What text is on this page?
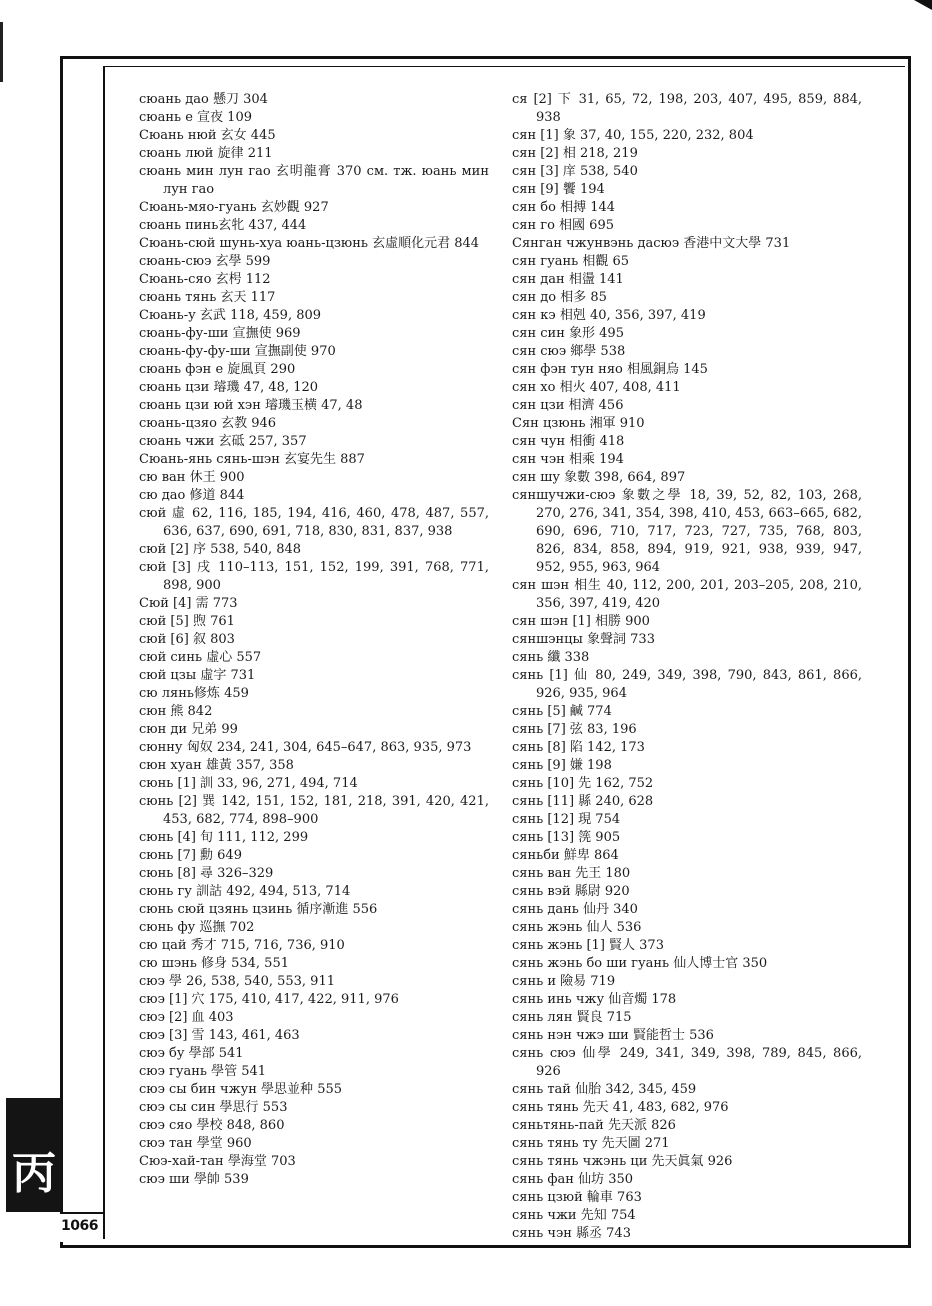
丙
1066
сюань дао 懸刀 304
сюань е 宣夜 109
Сюань нюй 玄女 445
сюань люй 旋律 211
сюань мин лун гао 玄明龍膏 370 см. тж. юань мин лун гао
Сюань-мяо-гуань 玄妙觀 927
сюань пинь玄牝 437, 444
Сюань-сюй шунь-хуа юань-цзюнь 玄虛順化元君 844
сюань-сюэ 玄學 599
Сюань-сяо 玄枵 112
сюань тянь 玄天 117
Сюань-у 玄武 118, 459, 809
сюань-фу-ши 宣撫使 969
сюань-фу-фу-ши 宣撫副使 970
сюань фэн е 旋風頁 290
сюань цзи 璿璣 47, 48, 120
сюань цзи юй хэн 璿璣玉横 47, 48
сюань-цзяо 玄教 946
сюань чжи 玄砥 257, 357
Сюань-янь сянь-шэн 玄宴先生 887
сю ван 休王 900
сю дао 修道 844
сюй 虛 62, 116, 185, 194, 416, 460, 478, 487, 557, 636, 637, 690, 691, 718, 830, 831, 837, 938
сюй [2] 序 538, 540, 848
сюй [3] 戌 110–113, 151, 152, 199, 391, 768, 771, 898, 900
Сюй [4] 需 773
сюй [5] 煦 761
сюй [6] 叙 803
сюй синь 虛心 557
сюй цзы 虛字 731
сю лянь修炼 459
сюн 熊 842
сюн ди 兄弟 99
сюнну 匈奴 234, 241, 304, 645–647, 863, 935, 973
сюн хуан 雄黃 357, 358
сюнь [1] 訓 33, 96, 271, 494, 714
сюнь [2] 巽 142, 151, 152, 181, 218, 391, 420, 421, 453, 682, 774, 898–900
сюнь [4] 旬 111, 112, 299
сюнь [7] 勳 649
сюнь [8] 尋 326–329
сюнь гу 訓詁 492, 494, 513, 714
сюнь сюй цзянь цзинь 循序漸進 556
сюнь фу 巡撫 702
сю цай 秀才 715, 716, 736, 910
сю шэнь 修身 534, 551
сюэ 學 26, 538, 540, 553, 911
сюэ [1] 穴 175, 410, 417, 422, 911, 976
сюэ [2] 血 403
сюэ [3] 雪 143, 461, 463
сюэ бу 學部 541
сюэ гуань 學管 541
сюэ сы бин чжун 學思並种 555
сюэ сы син 學思行 553
сюэ сяо 學校 848, 860
сюэ тан 學堂 960
Сюэ-хай-тан 學海堂 703
сюэ ши 學帥 539
ся [2] 下 31, 65, 72, 198, 203, 407, 495, 859, 884, 938
сян [1] 象 37, 40, 155, 220, 232, 804
сян [2] 相 218, 219
сян [3] 庠 538, 540
сян [9] 饗 194
сян бо 相搏 144
сян го 相國 695
Сянган чжунвэнь дасюэ 香港中文大學 731
сян гуань 相觀 65
сян дан 相盪 141
сян до 相多 85
сян кэ 相剋 40, 356, 397, 419
сян син 象形 495
сян сюэ 鄉學 538
сян фэн тун няо 相風銅烏 145
сян хо 相火 407, 408, 411
сян цзи 相濟 456
Сян цзюнь 湘軍 910
сян чун 相衝 418
сян чэн 相乘 194
сян шу 象數 398, 664, 897
сяншучжи-сюэ 象數之學 18, 39, 52, 82, 103, 268, 270, 276, 341, 354, 398, 410, 453, 663–665, 682, 690, 696, 710, 717, 723, 727, 735, 768, 803, 826, 834, 858, 894, 919, 921, 938, 939, 947, 952, 955, 963, 964
сян шэн 相生 40, 112, 200, 201, 203–205, 208, 210, 356, 397, 419, 420
сян шэн [1] 相勝 900
сяншэнцы 象聲詞 733
сянь 纖 338
сянь [1] 仙 80, 249, 349, 398, 790, 843, 861, 866, 926, 935, 964
сянь [5] 鹹 774
сянь [7] 弦 83, 196
сянь [8] 陷 142, 173
сянь [9] 嫌 198
сянь [10] 先 162, 752
сянь [11] 縣 240, 628
сянь [12] 現 754
сянь [13] 箲 905
сяньби 鮮卑 864
сянь ван 先王 180
сянь вэй 縣尉 920
сянь дань 仙丹 340
сянь жэнь 仙人 536
сянь жэнь [1] 賢人 373
сянь жэнь бо ши гуань 仙人博士官 350
сянь и 險易 719
сянь инь чжу 仙音燭 178
сянь лян 賢良 715
сянь нэн чжэ ши 賢能哲士 536
сянь сюэ 仙學 249, 341, 349, 398, 789, 845, 866, 926
сянь тай 仙胎 342, 345, 459
сянь тянь 先天 41, 483, 682, 976
сяньтянь-пай 先天派 826
сянь тянь ту 先天圖 271
сянь тянь чжэнь ци 先天眞氣 926
сянь фан 仙坊 350
сянь цзюй 輪車 763
сянь чжи 先知 754
сянь чэн 縣丞 743
